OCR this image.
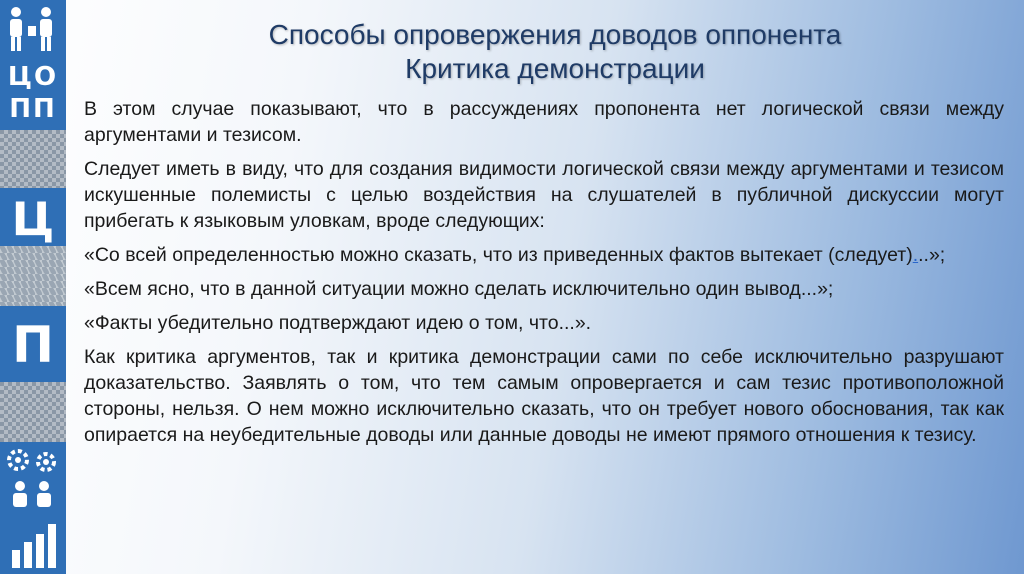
ЦО
ПП
Ц
П
Способы опровержения доводов оппонента
Критика демонстрации

В этом случае показывают, что в рассуждениях пропонента нет логической связи между аргументами и тезисом.

Следует иметь в виду, что для создания видимости логической связи между аргументами и тезисом искушенные полемисты с целью воздействия на слушателей в публичной дискуссии могут прибегать к языковым уловкам, вроде следующих:

«Со всей определенностью можно сказать, что из приведенных фактов вытекает (следует)...»;

«Всем ясно, что в данной ситуации можно сделать исключительно один вывод...»;

«Факты убедительно подтверждают идею о том, что...».

Как критика аргументов, так и критика демонстрации сами по себе исключительно разрушают доказательство. Заявлять о том, что тем самым опровергается и сам тезис противоположной стороны, нельзя. О нем можно исключительно сказать, что он требует нового обоснования, так как опирается на неубедительные доводы или данные доводы не имеют прямого отношения к тезису.
